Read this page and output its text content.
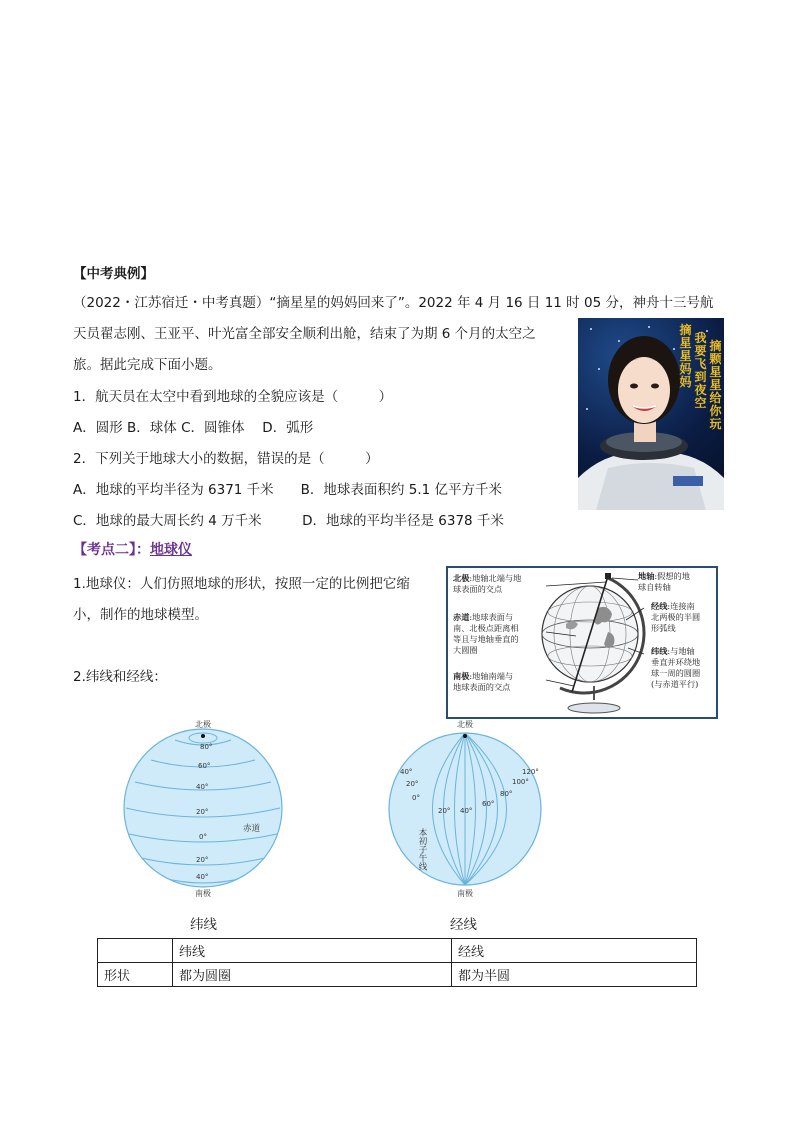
【中考典例】
（2022・江苏宿迁・中考真题）“摘星星的妈妈回来了”。2022 年 4 月 16 日 11 时 05 分，神舟十三号航
天员翟志刚、王亚平、叶光富全部安全顺利出舱，结束了为期 6 个月的太空之
旅。据此完成下面小题。
1．航天员在太空中看到地球的全貌应该是（　　　）
A．圆形 B．球体 C．圆锥体　 D．弧形
2．下列关于地球大小的数据，错误的是（　　　）
A．地球的平均半径为 6371 千米　　B．地球表面积约 5.1 亿平方千米
C．地球的最大周长约 4 万千米　　　D．地球的平均半径是 6378 千米
摘星星妈妈
我要飞到夜空
摘颗星星给你玩
【考点二】：地球仪
1.地球仪：人们仿照地球的形状，按照一定的比例把它缩
小，制作的地球模型。
2.纬线和经线：
北极:地轴北端与地
球表面的交点
赤道:地球表面与
南、北极点距离相
等且与地轴垂直的
大圆圈
南极:地轴南端与
地球表面的交点
地轴:假想的地
球自转轴
经线:连接南
北两极的半圆
形弧线
纬线:与地轴
垂直并环绕地
球一周的圆圈
(与赤道平行)
北极
南极
赤道
80°
60°
40°
20°
0°
20°
40°
纬线
北极
南极
本初子午线
40°
20°
0°
20° 40°
60°
80°
100°
120°
经线
	纬线	经线
形状	都为圆圈	都为半圆
